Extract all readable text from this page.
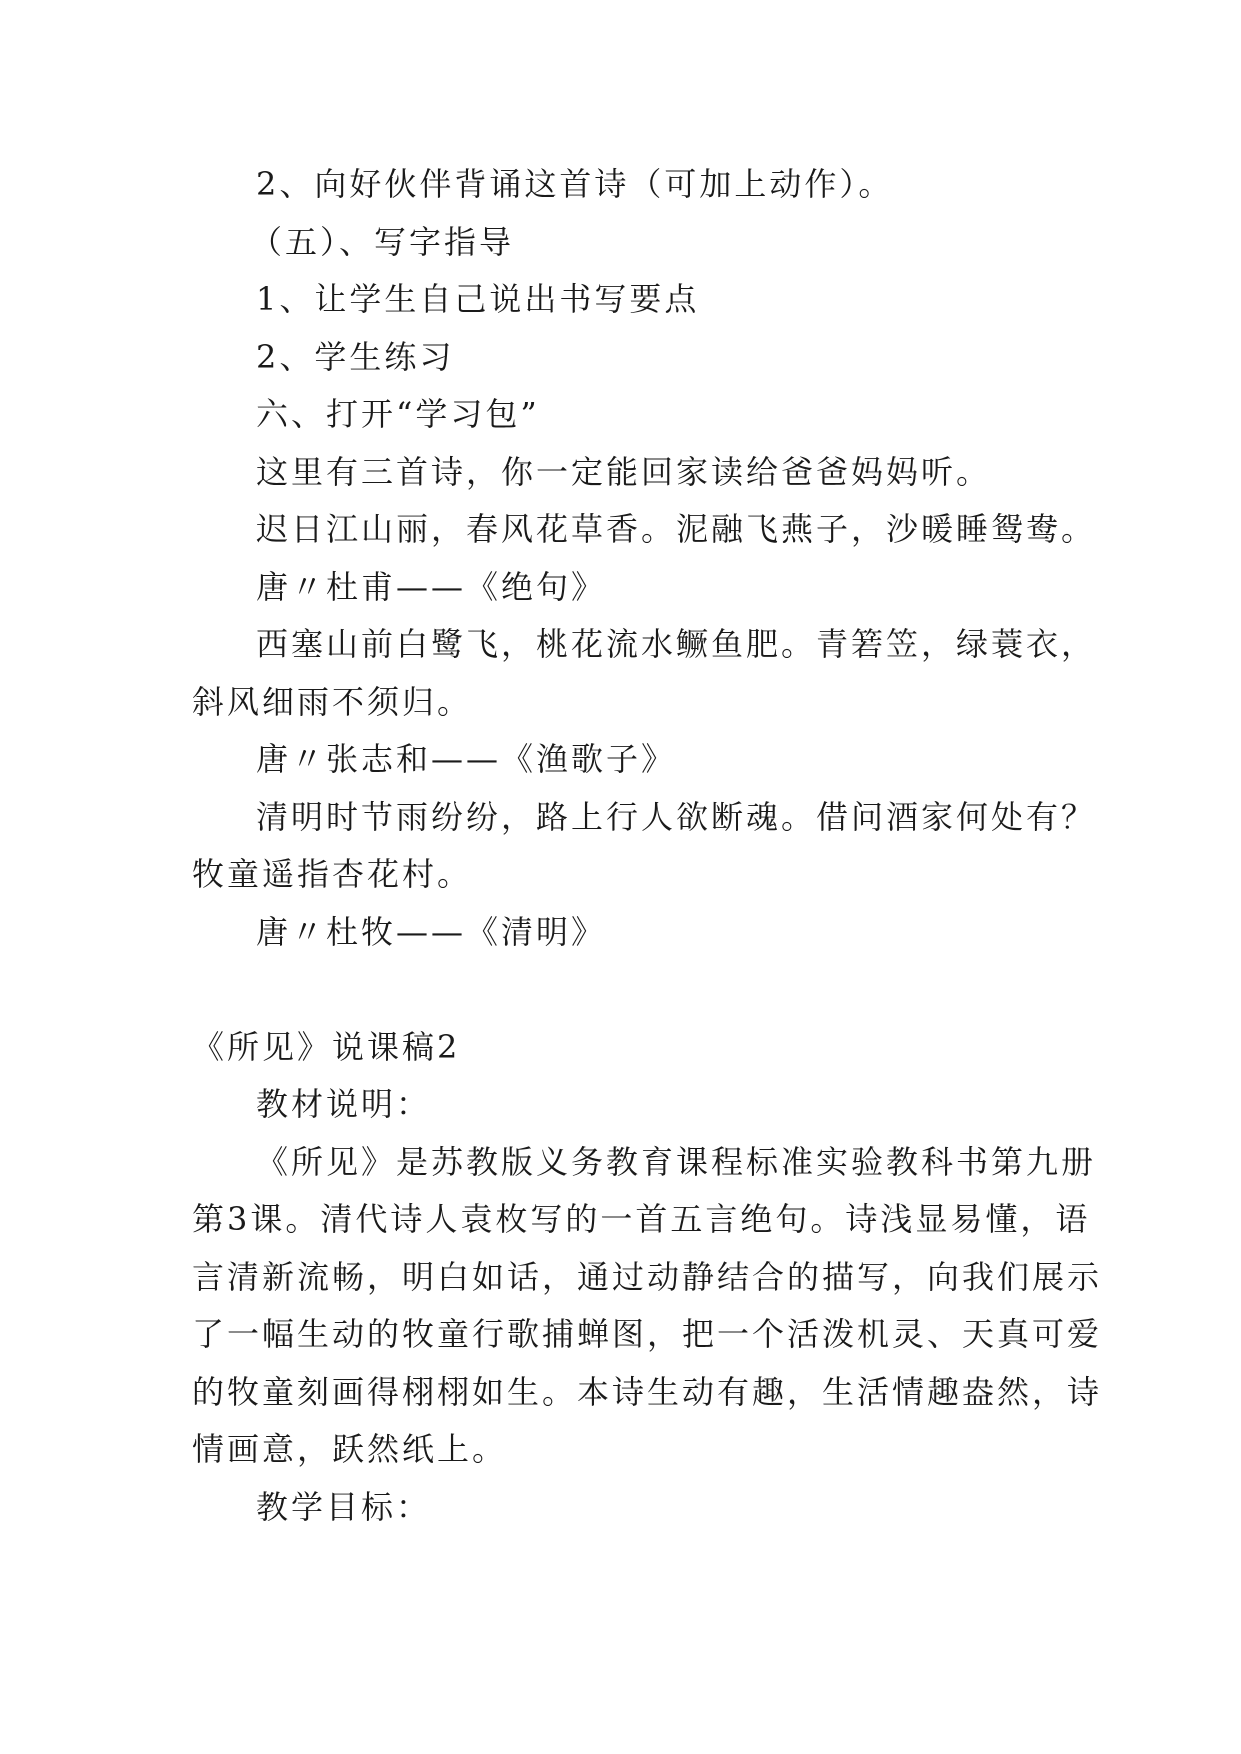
2、向好伙伴背诵这首诗（可加上动作）。
（五）、写字指导
1、让学生自己说出书写要点
2、学生练习
六、打开“学习包”
这里有三首诗，你一定能回家读给爸爸妈妈听。
迟日江山丽，春风花草香。泥融飞燕子，沙暖睡鸳鸯。
唐〃杜甫——《绝句》
西塞山前白鹭飞，桃花流水鳜鱼肥。青箬笠，绿蓑衣，
斜风细雨不须归。
唐〃张志和——《渔歌子》
清明时节雨纷纷，路上行人欲断魂。借问酒家何处有？
牧童遥指杏花村。
唐〃杜牧——《清明》
《所见》说课稿2
教材说明：
《所见》是苏教版义务教育课程标准实验教科书第九册
第3课。清代诗人袁枚写的一首五言绝句。诗浅显易懂，语
言清新流畅，明白如话，通过动静结合的描写，向我们展示
了一幅生动的牧童行歌捕蝉图，把一个活泼机灵、天真可爱
的牧童刻画得栩栩如生。本诗生动有趣，生活情趣盎然，诗
情画意，跃然纸上。
教学目标：
